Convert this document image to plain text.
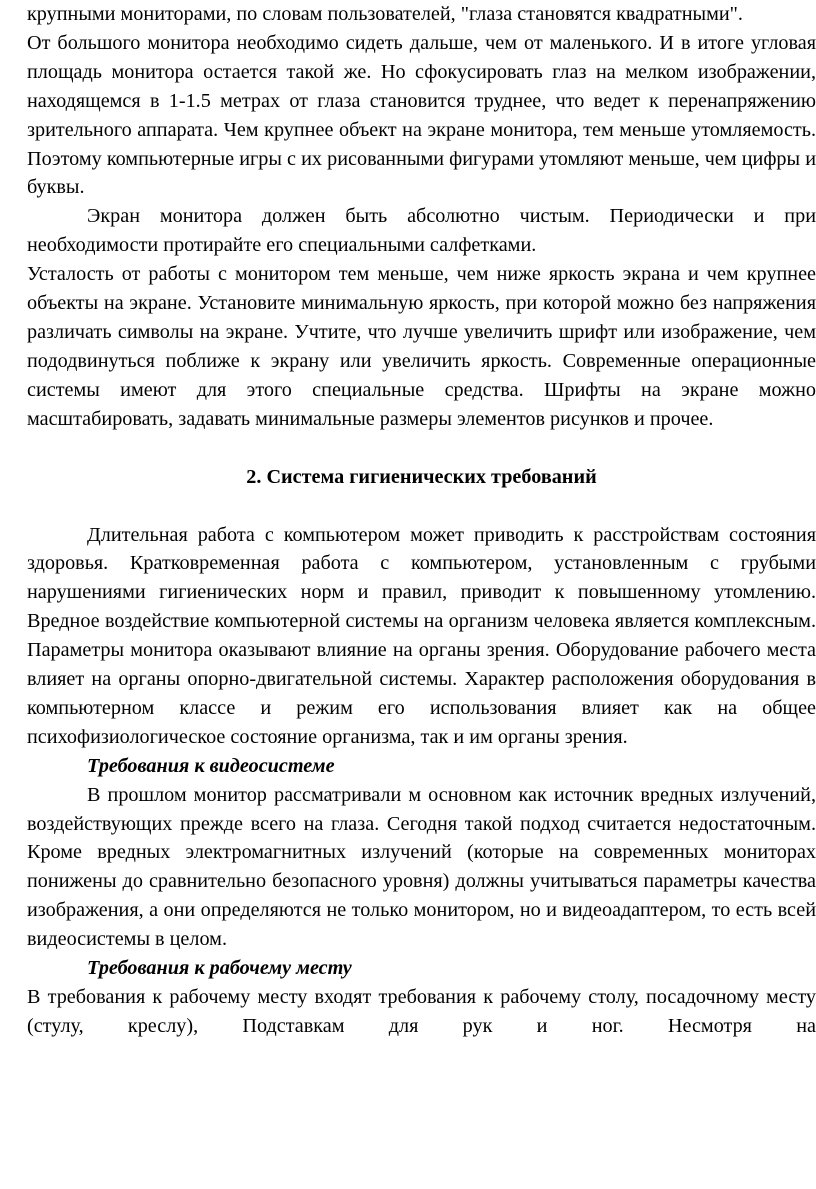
крупными мониторами, по словам пользователей, "глаза становятся квадратными".

От большого монитора необходимо сидеть дальше, чем от маленького. И в итоге угловая площадь монитора остается такой же. Но сфокусировать глаз на мелком изображении, находящемся в 1-1.5 метрах от глаза становится труднее, что ведет к перенапряжению зрительного аппарата. Чем крупнее объект на экране монитора, тем меньше утомляемость. Поэтому компьютерные игры с их рисованными фигурами утомляют меньше, чем цифры и буквы.

Экран монитора должен быть абсолютно чистым. Периодически и при необходимости протирайте его специальными салфетками.

Усталость от работы с монитором тем меньше, чем ниже яркость экрана и чем крупнее объекты на экране. Установите минимальную яркость, при которой можно без напряжения различать символы на экране. Учтите, что лучше увеличить шрифт или изображение, чем пододвинуться поближе к экрану или увеличить яркость. Современные операционные системы имеют для этого специальные средства. Шрифты на экране можно масштабировать, задавать минимальные размеры элементов рисунков и прочее.

2. Система гигиенических требований

Длительная работа с компьютером может приводить к расстройствам состояния здоровья. Кратковременная работа с компьютером, установленным с грубыми нарушениями гигиенических норм и правил, приводит к повышенному утомлению. Вредное воздействие компьютерной системы на организм человека является комплексным. Параметры монитора оказывают влияние на органы зрения. Оборудование рабочего места влияет на органы опорно-двигательной системы. Характер расположения оборудования в компьютерном классе и режим его использования влияет как на общее психофизиологическое состояние организма, так и им органы зрения.

Требования к видеосистеме

В прошлом монитор рассматривали м основном как источник вредных излучений, воздействующих прежде всего на глаза. Сегодня такой подход считается недостаточным. Кроме вредных электромагнитных излучений (которые на современных мониторах понижены до сравнительно безопасного уровня) должны учитываться параметры качества изображения, а они определяются не только монитором, но и видеоадаптером, то есть всей видеосистемы в целом.

Требования к рабочему месту

В требования к рабочему месту входят требования к рабочему столу, посадочному месту (стулу, креслу), Подставкам для рук и ног. Несмотря на
